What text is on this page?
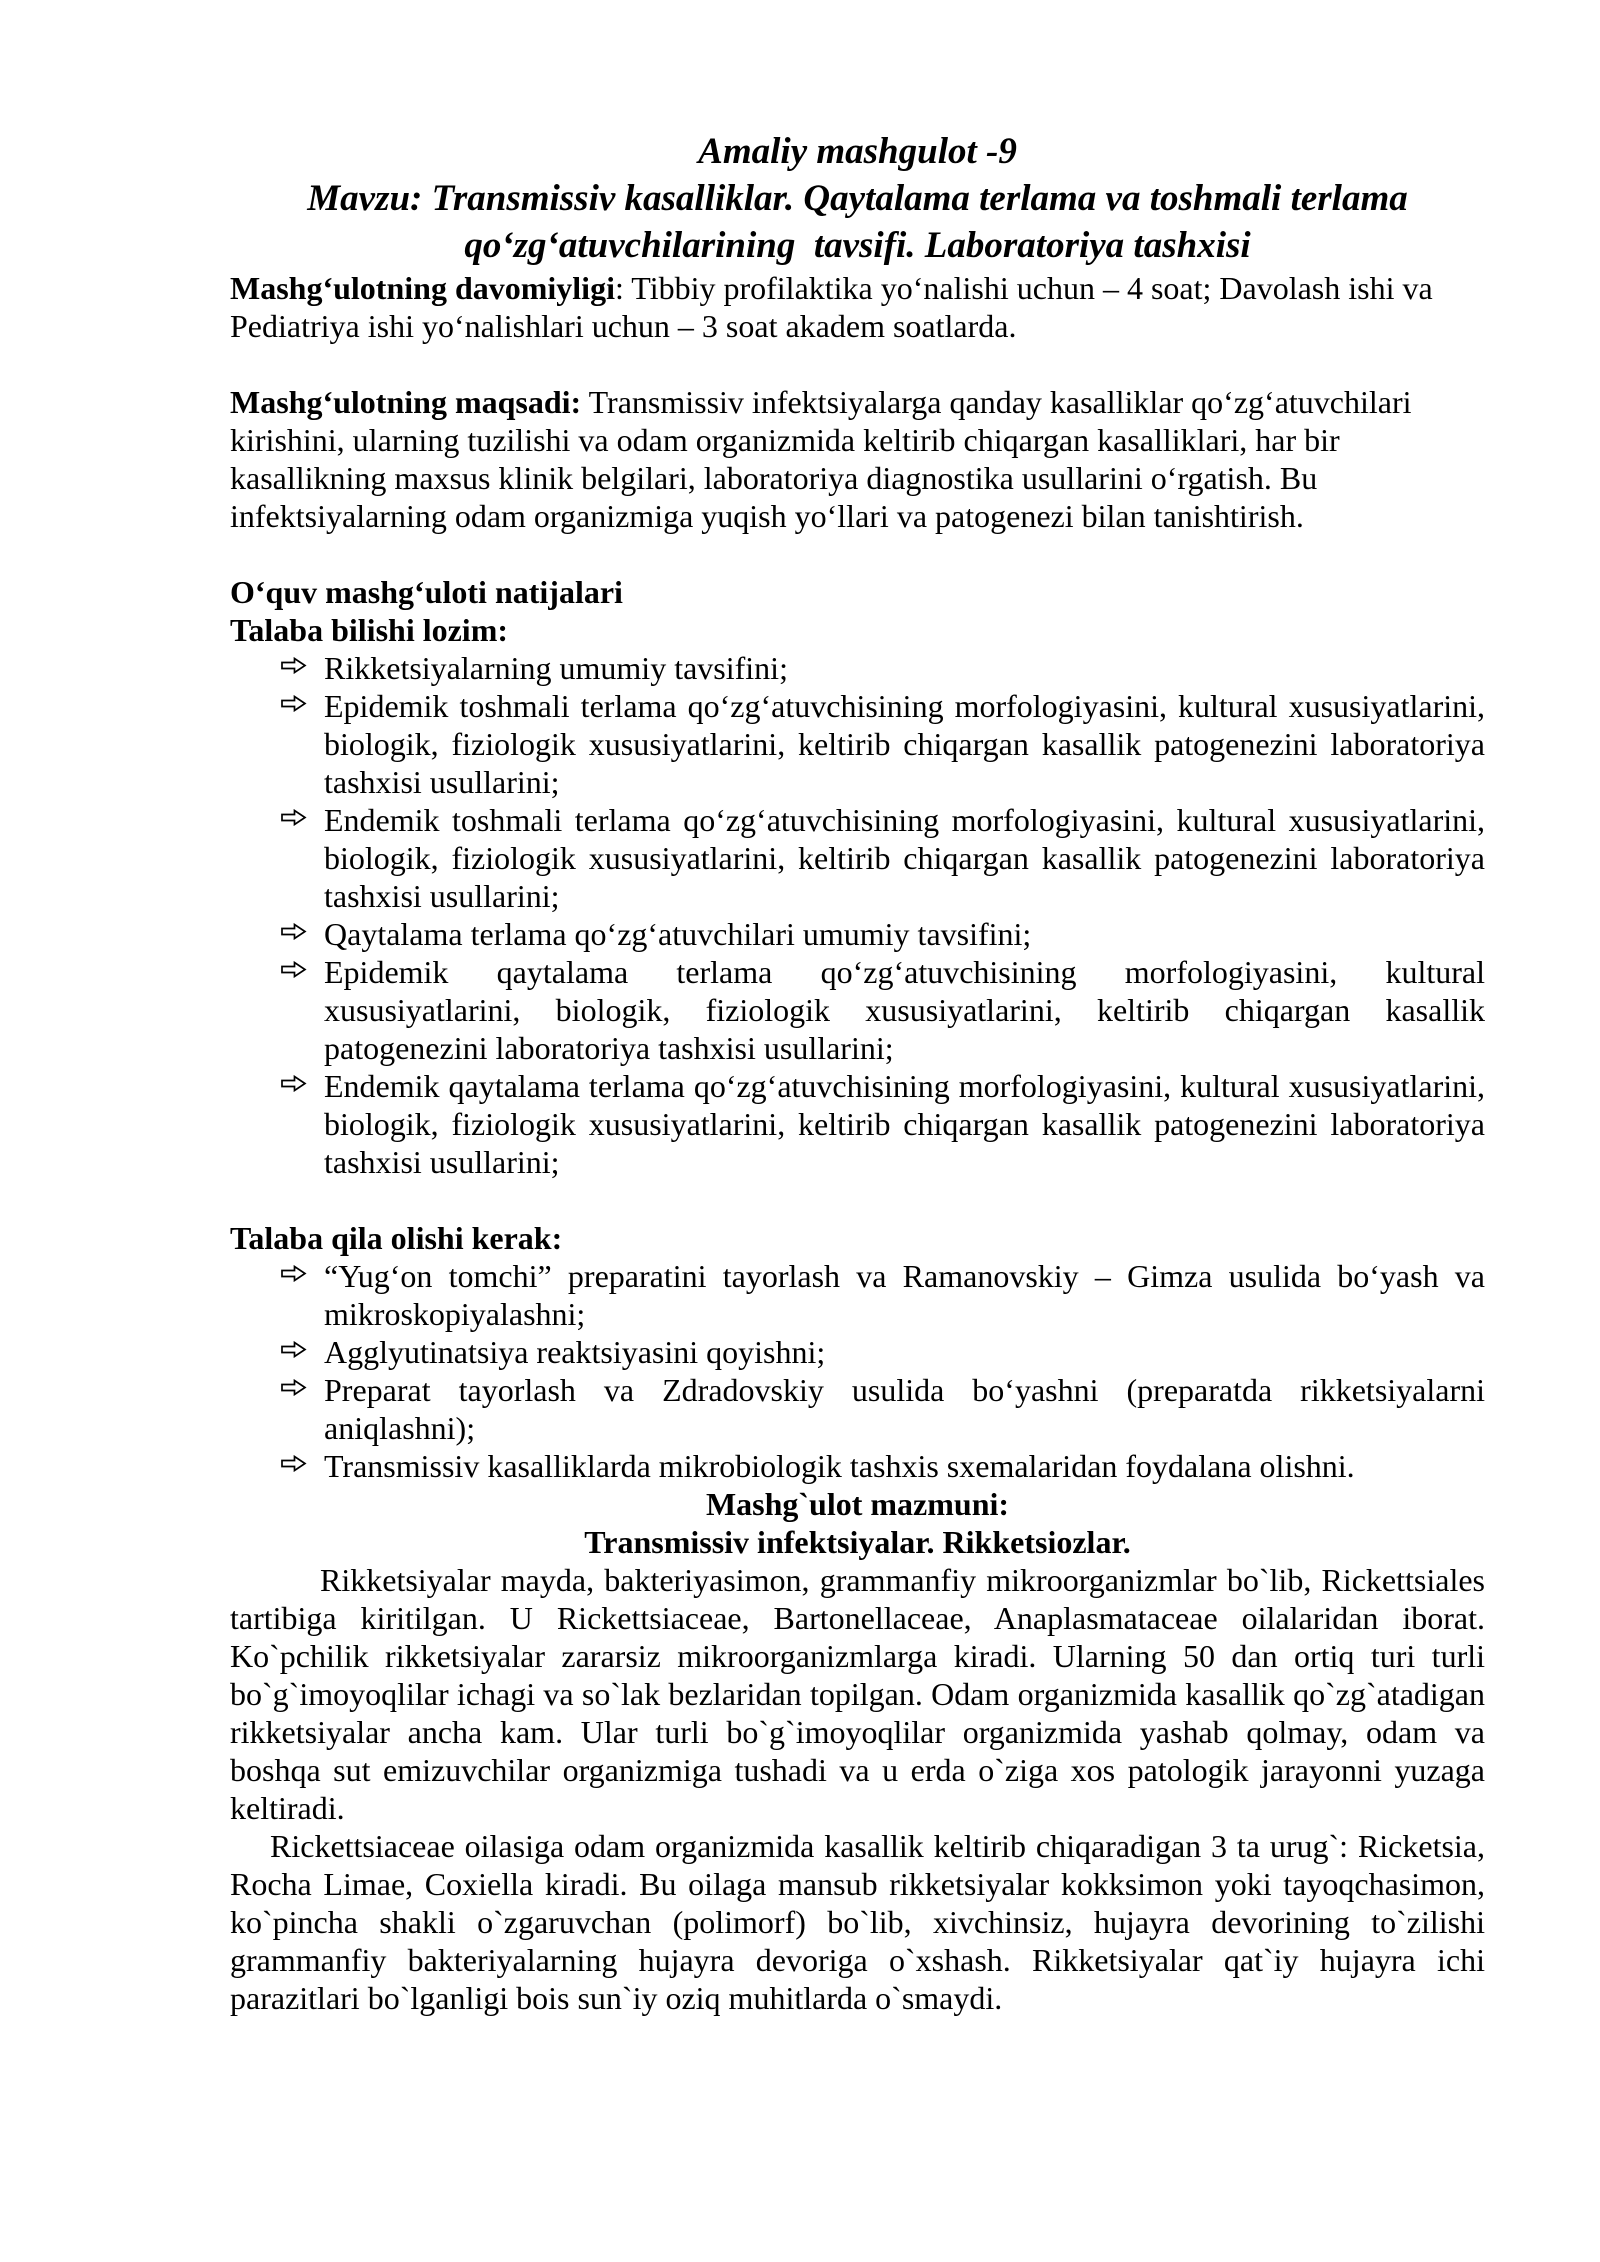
Amaliy mashgulot -9
Mavzu: Transmissiv kasalliklar. Qaytalama terlama va toshmali terlama
qo‘zg‘atuvchilarining  tavsifi. Laboratoriya tashxisi

Mashg‘ulotning davomiyligi: Tibbiy profilaktika yo‘nalishi uchun – 4 soat; Davolash ishi va Pediatriya ishi yo‘nalishlari uchun – 3 soat akadem soatlarda.

Mashg‘ulotning maqsadi: Transmissiv infektsiyalarga qanday kasalliklar qo‘zg‘atuvchilari kirishini, ularning tuzilishi va odam organizmida keltirib chiqargan kasalliklari, har bir kasallikning maxsus klinik belgilari, laboratoriya diagnostika usullarini o‘rgatish. Bu infektsiyalarning odam organizmiga yuqish yo‘llari va patogenezi bilan tanishtirish.

O‘quv mashg‘uloti natijalari

Talaba bilishi lozim:

Rikketsiyalarning umumiy tavsifini;
Epidemik toshmali terlama qo‘zg‘atuvchisining morfologiyasini, kultural xususiyatlarini, biologik, fiziologik xususiyatlarini, keltirib chiqargan kasallik patogenezini laboratoriya tashxisi usullarini;
Endemik toshmali terlama qo‘zg‘atuvchisining morfologiyasini, kultural xususiyatlarini, biologik, fiziologik xususiyatlarini, keltirib chiqargan kasallik patogenezini laboratoriya tashxisi usullarini;
Qaytalama terlama qo‘zg‘atuvchilari umumiy tavsifini;
Epidemik qaytalama terlama qo‘zg‘atuvchisining morfologiyasini, kultural xususiyatlarini, biologik, fiziologik xususiyatlarini, keltirib chiqargan kasallik patogenezini laboratoriya tashxisi usullarini;
Endemik qaytalama terlama qo‘zg‘atuvchisining morfologiyasini, kultural xususiyatlarini, biologik, fiziologik xususiyatlarini, keltirib chiqargan kasallik patogenezini laboratoriya tashxisi usullarini;

Talaba qila olishi kerak:

“Yug‘on tomchi” preparatini tayorlash va Ramanovskiy – Gimza usulida bo‘yash va mikroskopiyalashni;
Agglyutinatsiya reaktsiyasini qoyishni;
Preparat tayorlash va Zdradovskiy usulida bo‘yashni (preparatda rikketsiyalarni aniqlashni);
Transmissiv kasalliklarda mikrobiologik tashxis sxemalaridan foydalana olishni.

Mashg`ulot mazmuni:

Transmissiv infektsiyalar. Rikketsiozlar.

Rikketsiyalar mayda, bakteriyasimon, grammanfiy mikroorganizmlar bo`lib, Rickettsiales tartibiga kiritilgan. U Rickettsiaceae, Bartonellaceae, Anaplasmataceae oilalaridan iborat. Ko`pchilik rikketsiyalar zararsiz mikroorganizmlarga kiradi. Ularning 50 dan ortiq turi turli bo`g`imoyoqlilar ichagi va so`lak bezlaridan topilgan. Odam organizmida kasallik qo`zg`atadigan rikketsiyalar ancha kam. Ular turli bo`g`imoyoqlilar organizmida yashab qolmay, odam va boshqa sut emizuvchilar organizmiga tushadi va u erda o`ziga xos patologik jarayonni yuzaga keltiradi.

Rickettsiaceae oilasiga odam organizmida kasallik keltirib chiqaradigan 3 ta urug`: Ricketsia, Rocha Limae, Coxiella kiradi. Bu oilaga mansub rikketsiyalar kokksimon yoki tayoqchasimon, ko`pincha shakli o`zgaruvchan (polimorf) bo`lib, xivchinsiz, hujayra devorining to`zilishi grammanfiy bakteriyalarning hujayra devoriga o`xshash. Rikketsiyalar qat`iy hujayra ichi parazitlari bo`lganligi bois sun`iy oziq muhitlarda o`smaydi.
